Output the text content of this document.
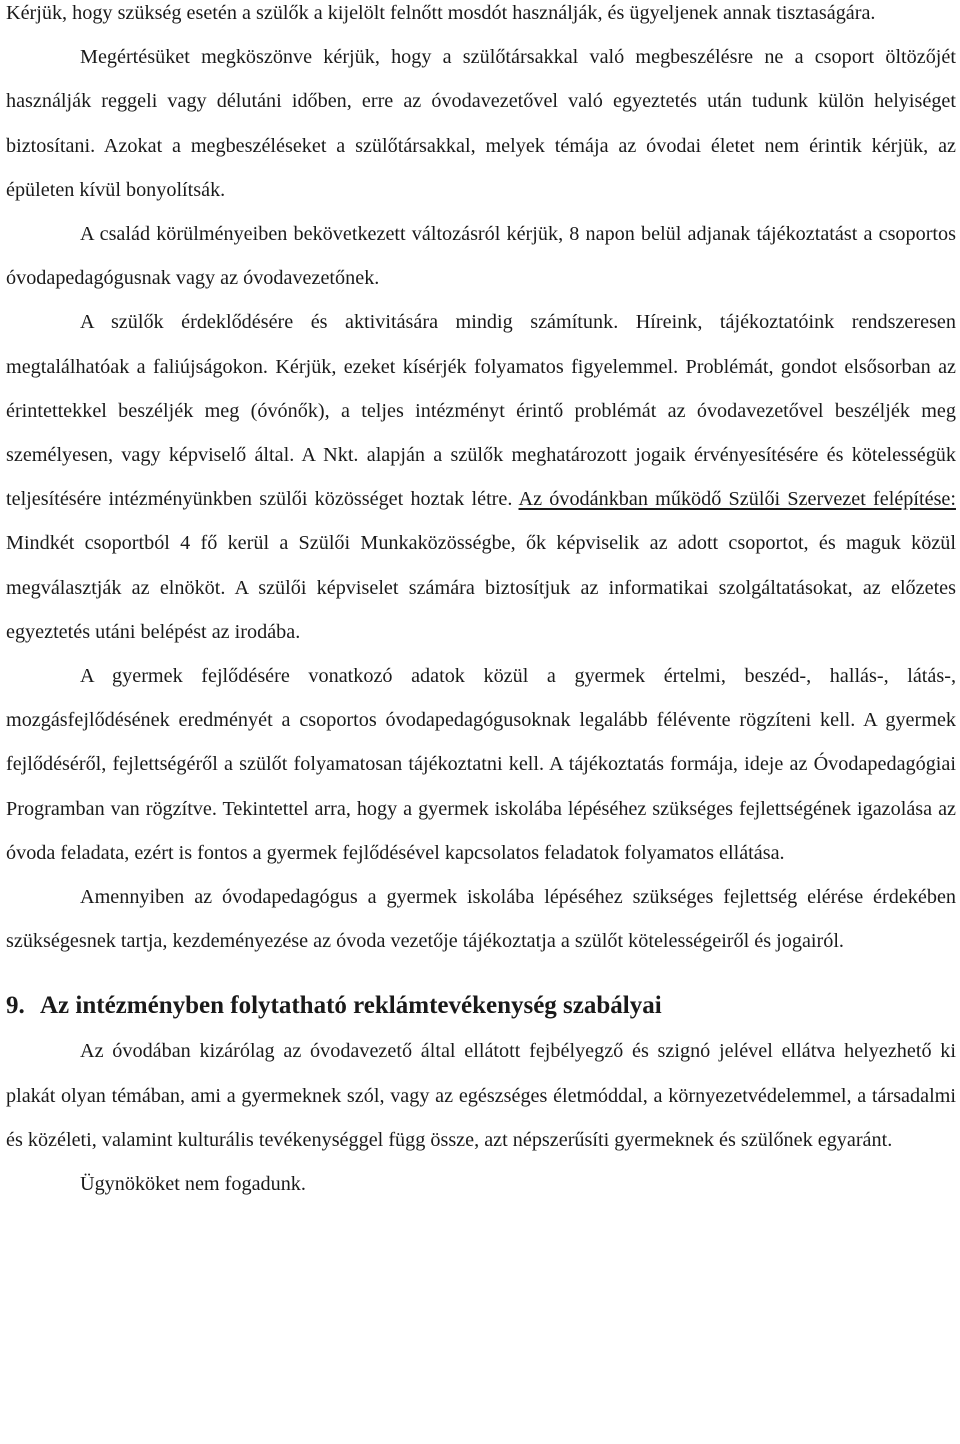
Kérjük, hogy szükség esetén a szülők a kijelölt felnőtt mosdót használják, és ügyeljenek annak tisztaságára.

Megértésüket megköszönve kérjük, hogy a szülőtársakkal való megbeszélésre ne a csoport öltözőjét használják reggeli vagy délutáni időben, erre az óvodavezetővel való egyeztetés után tudunk külön helyiséget biztosítani. Azokat a megbeszéléseket a szülőtársakkal, melyek témája az óvodai életet nem érintik kérjük, az épületen kívül bonyolítsák.

A család körülményeiben bekövetkezett változásról kérjük, 8 napon belül adjanak tájékoztatást a csoportos óvodapedagógusnak vagy az óvodavezetőnek.

A szülők érdeklődésére és aktivitására mindig számítunk. Híreink, tájékoztatóink rendszeresen megtalálhatóak a faliújságokon. Kérjük, ezeket kísérjék folyamatos figyelemmel. Problémát, gondot elsősorban az érintettekkel beszéljék meg (óvónők), a teljes intézményt érintő problémát az óvodavezetővel beszéljék meg személyesen, vagy képviselő által. A Nkt. alapján a szülők meghatározott jogaik érvényesítésére és kötelességük teljesítésére intézményünkben szülői közösséget hoztak létre. Az óvodánkban működő Szülői Szervezet felépítése: Mindkét csoportból 4 fő kerül a Szülői Munkaközösségbe, ők képviselik az adott csoportot, és maguk közül megválasztják az elnököt. A szülői képviselet számára biztosítjuk az informatikai szolgáltatásokat, az előzetes egyeztetés utáni belépést az irodába.

A gyermek fejlődésére vonatkozó adatok közül a gyermek értelmi, beszéd-, hallás-, látás-, mozgásfejlődésének eredményét a csoportos óvodapedagógusoknak legalább félévente rögzíteni kell. A gyermek fejlődéséről, fejlettségéről a szülőt folyamatosan tájékoztatni kell. A tájékoztatás formája, ideje az Óvodapedagógiai Programban van rögzítve. Tekintettel arra, hogy a gyermek iskolába lépéséhez szükséges fejlettségének igazolása az óvoda feladata, ezért is fontos a gyermek fejlődésével kapcsolatos feladatok folyamatos ellátása.

Amennyiben az óvodapedagógus a gyermek iskolába lépéséhez szükséges fejlettség elérése érdekében szükségesnek tartja, kezdeményezése az óvoda vezetője tájékoztatja a szülőt kötelességeiről és jogairól.

9. Az intézményben folytatható reklámtevékenység szabályai

Az óvodában kizárólag az óvodavezető által ellátott fejbélyegző és szignó jelével ellátva helyezhető ki plakát olyan témában, ami a gyermeknek szól, vagy az egészséges életmóddal, a környezetvédelemmel, a társadalmi és közéleti, valamint kulturális tevékenységgel függ össze, azt népszerűsíti gyermeknek és szülőnek egyaránt.

Ügynököket nem fogadunk.
